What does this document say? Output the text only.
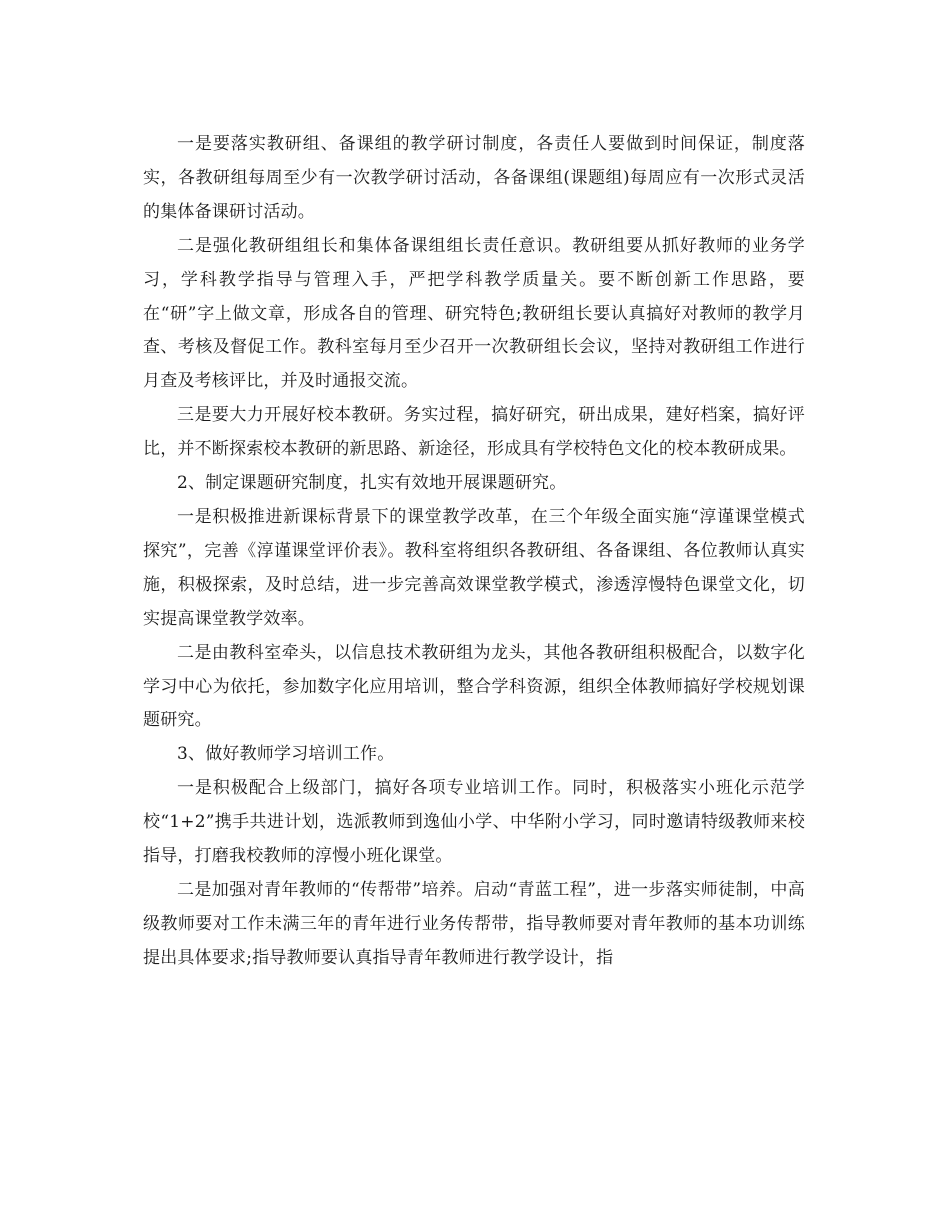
一是要落实教研组、备课组的教学研讨制度，各责任人要做到时间保证，制度落实，各教研组每周至少有一次教学研讨活动，各备课组(课题组)每周应有一次形式灵活的集体备课研讨活动。

二是强化教研组组长和集体备课组组长责任意识。教研组要从抓好教师的业务学习，学科教学指导与管理入手，严把学科教学质量关。要不断创新工作思路，要在“研”字上做文章，形成各自的管理、研究特色;教研组长要认真搞好对教师的教学月查、考核及督促工作。教科室每月至少召开一次教研组长会议，坚持对教研组工作进行月查及考核评比，并及时通报交流。

三是要大力开展好校本教研。务实过程，搞好研究，研出成果，建好档案，搞好评比，并不断探索校本教研的新思路、新途径，形成具有学校特色文化的校本教研成果。

2、制定课题研究制度，扎实有效地开展课题研究。

一是积极推进新课标背景下的课堂教学改革，在三个年级全面实施“淳谨课堂模式探究”，完善《淳谨课堂评价表》。教科室将组织各教研组、各备课组、各位教师认真实施，积极探索，及时总结，进一步完善高效课堂教学模式，渗透淳慢特色课堂文化，切实提高课堂教学效率。

二是由教科室牵头，以信息技术教研组为龙头，其他各教研组积极配合，以数字化学习中心为依托，参加数字化应用培训，整合学科资源，组织全体教师搞好学校规划课题研究。

3、做好教师学习培训工作。

一是积极配合上级部门，搞好各项专业培训工作。同时，积极落实小班化示范学校“1+2”携手共进计划，选派教师到逸仙小学、中华附小学习，同时邀请特级教师来校指导，打磨我校教师的淳慢小班化课堂。

二是加强对青年教师的“传帮带”培养。启动“青蓝工程”，进一步落实师徒制，中高级教师要对工作未满三年的青年进行业务传帮带，指导教师要对青年教师的基本功训练提出具体要求;指导教师要认真指导青年教师进行教学设计，指
